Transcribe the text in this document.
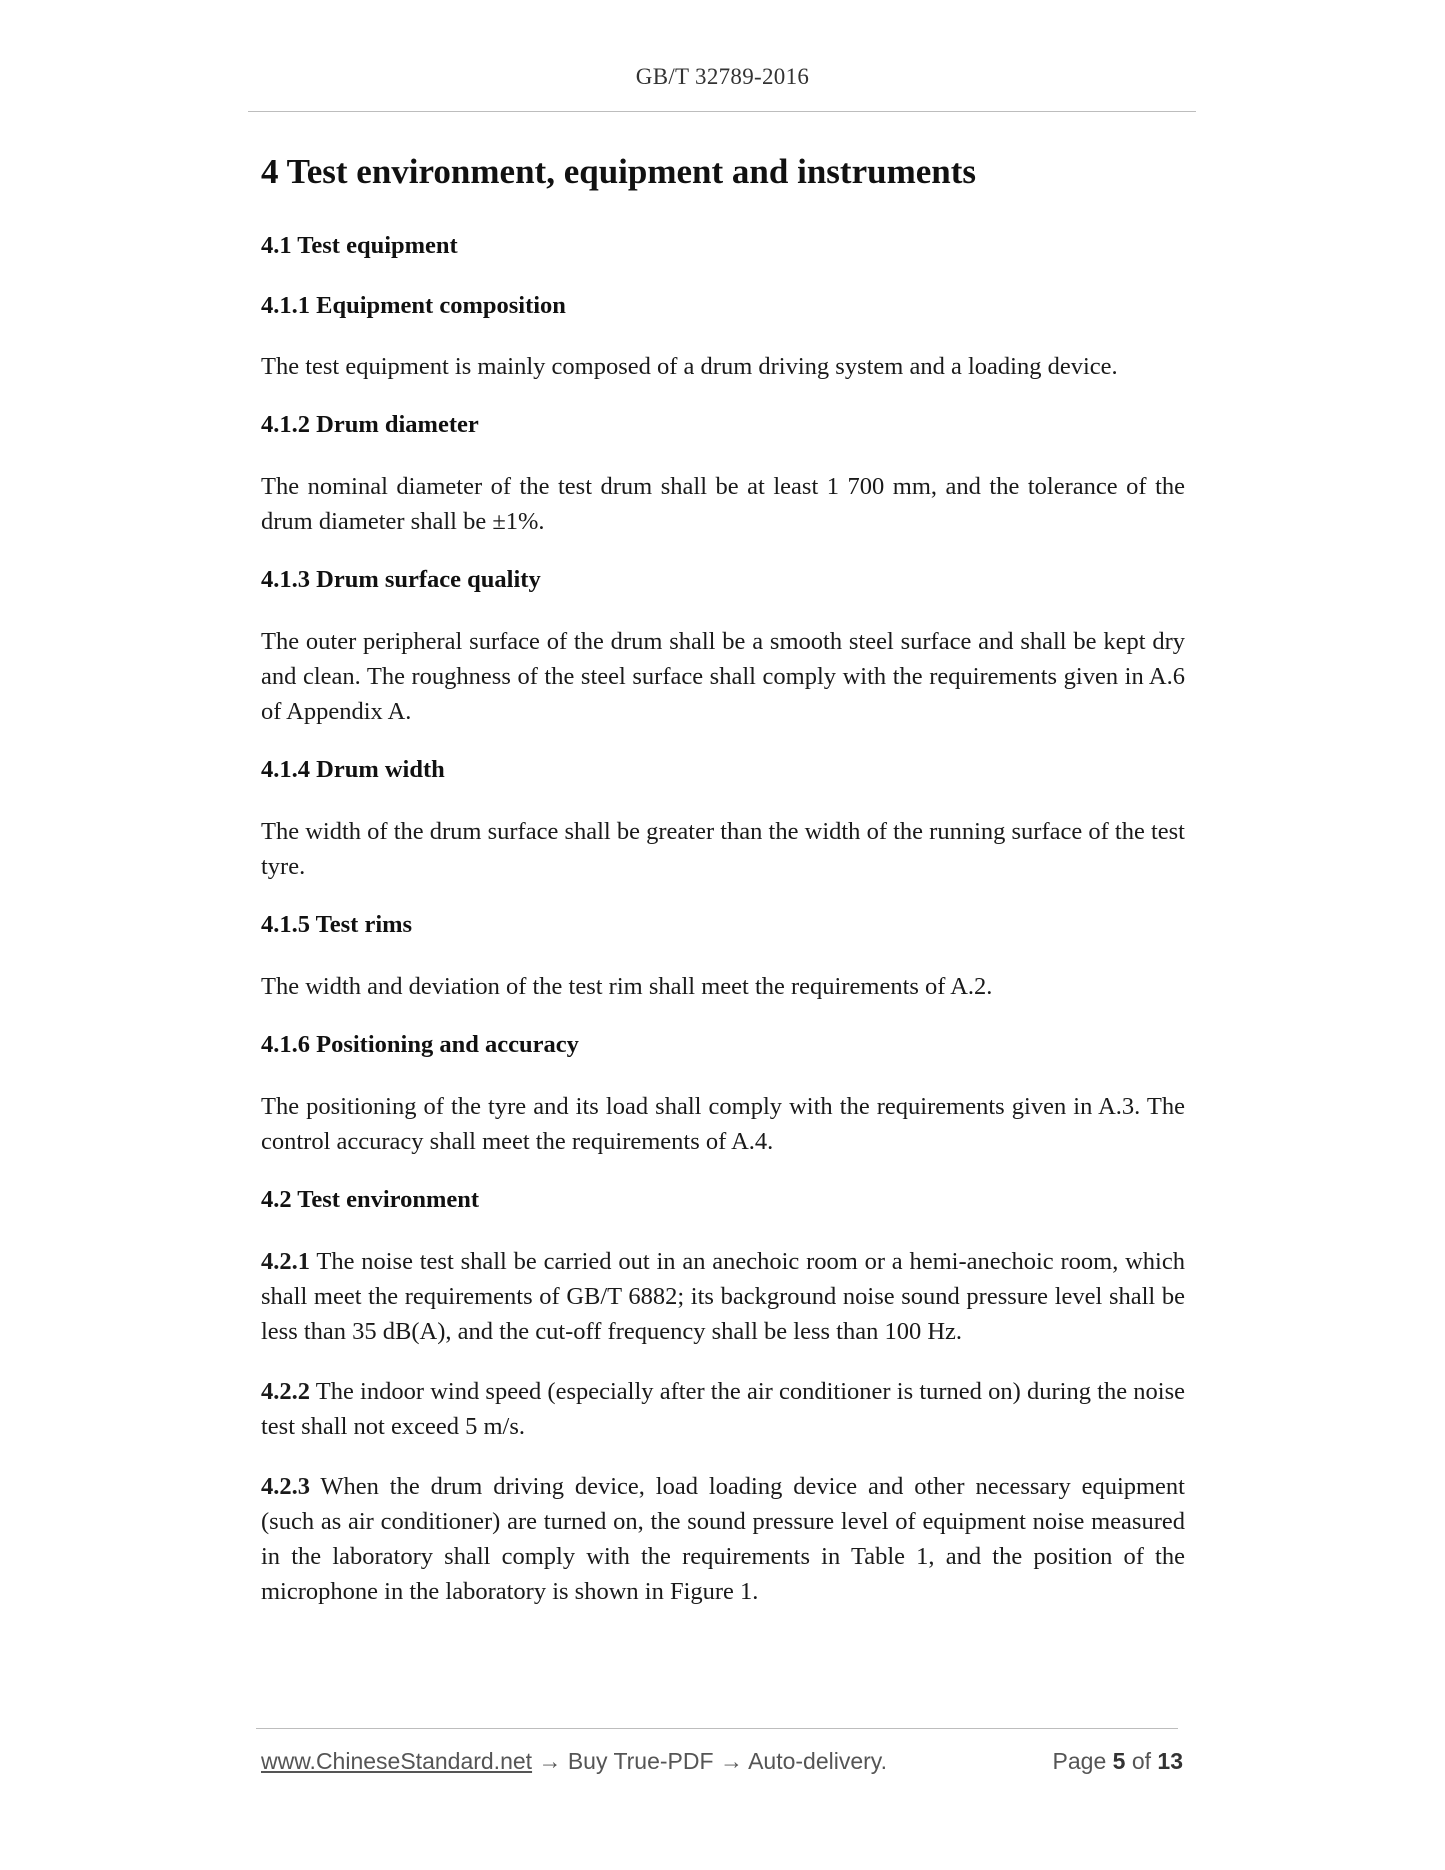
GB/T 32789-2016
4 Test environment, equipment and instruments
4.1 Test equipment
4.1.1 Equipment composition

The test equipment is mainly composed of a drum driving system and a loading device.

4.1.2 Drum diameter

The nominal diameter of the test drum shall be at least 1 700 mm, and the tolerance of the drum diameter shall be ±1%.

4.1.3 Drum surface quality

The outer peripheral surface of the drum shall be a smooth steel surface and shall be kept dry and clean. The roughness of the steel surface shall comply with the requirements given in A.6 of Appendix A.

4.1.4 Drum width

The width of the drum surface shall be greater than the width of the running surface of the test tyre.

4.1.5 Test rims

The width and deviation of the test rim shall meet the requirements of A.2.

4.1.6 Positioning and accuracy

The positioning of the tyre and its load shall comply with the requirements given in A.3. The control accuracy shall meet the requirements of A.4.

4.2 Test environment

4.2.1 The noise test shall be carried out in an anechoic room or a hemi-anechoic room, which shall meet the requirements of GB/T 6882; its background noise sound pressure level shall be less than 35 dB(A), and the cut-off frequency shall be less than 100 Hz.

4.2.2 The indoor wind speed (especially after the air conditioner is turned on) during the noise test shall not exceed 5 m/s.

4.2.3 When the drum driving device, load loading device and other necessary equipment (such as air conditioner) are turned on, the sound pressure level of equipment noise measured in the laboratory shall comply with the requirements in Table 1, and the position of the microphone in the laboratory is shown in Figure 1.

www.ChineseStandard.net → Buy True-PDF → Auto-delivery.	Page 5 of 13
